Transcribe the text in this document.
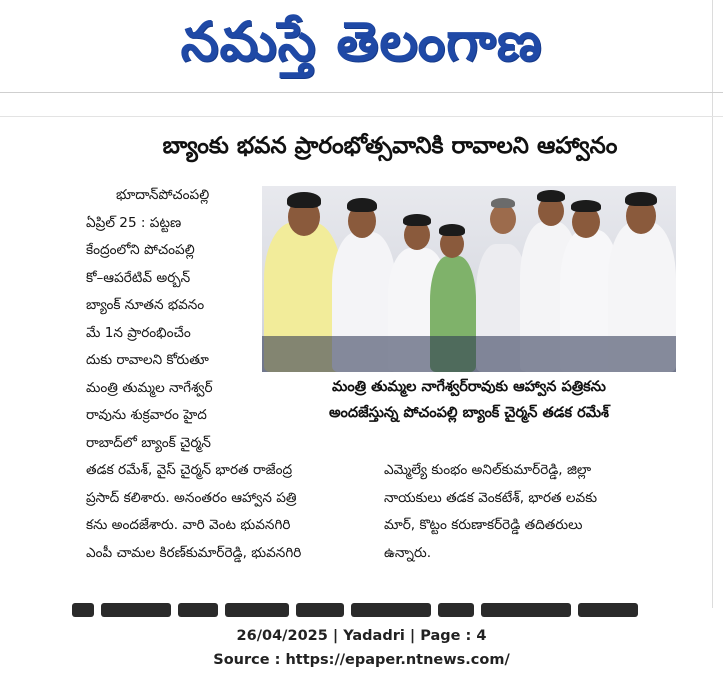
నమస్తే తెలంగాణ
బ్యాంకు భవన ప్రారంభోత్సవానికి రావాలని ఆహ్వానం
భూదాన్‌పోచంపల్లి
ఏప్రిల్ 25 : పట్టణ
కేంద్రంలోని పోచంపల్లి
కో–ఆపరేటివ్ అర్బన్
బ్యాంక్ నూతన భవనం
మే 1న ప్రారంభించేం
దుకు రావాలని కోరుతూ
మంత్రి తుమ్మల నాగేశ్వర్
రావును శుక్రవారం హైద
రాబాద్‌లో బ్యాంక్ చైర్మన్
మంత్రి తుమ్మల నాగేశ్వర్‌రావుకు ఆహ్వాన పత్రికను
అందజేస్తున్న పోచంపల్లి బ్యాంక్ చైర్మన్ తడక రమేశ్
తడక రమేశ్, వైస్ చైర్మన్ భారత రాజేంద్ర
ప్రసాద్ కలిశారు. అనంతరం ఆహ్వాన పత్రి
కను అందజేశారు. వారి వెంట భువనగిరి
ఎంపీ చామల కిరణ్‌కుమార్‌రెడ్డి, భువనగిరి
ఎమ్మెల్యే కుంభం అనిల్‌కుమార్‌రెడ్డి, జిల్లా
నాయకులు తడక వెంకటేశ్, భారత లవకు
మార్, కొట్టం కరుణాకర్‌రెడ్డి తదితరులు
ఉన్నారు.
26/04/2025 | Yadadri | Page : 4
Source : https://epaper.ntnews.com/
